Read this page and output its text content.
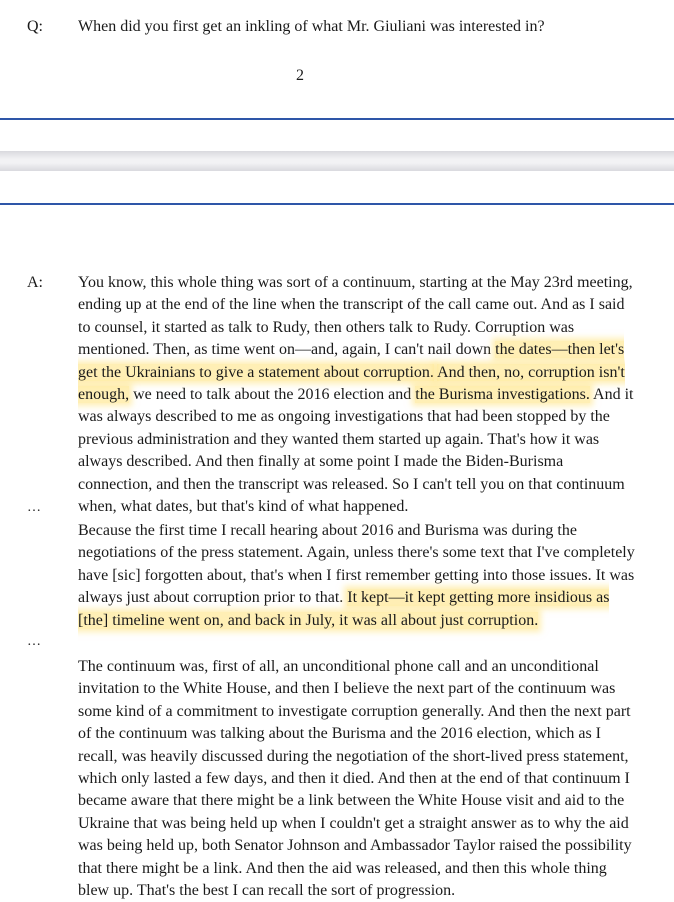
Q: When did you first get an inkling of what Mr. Giuliani was interested in?
2
A: You know, this whole thing was sort of a continuum, starting at the May 23rd meeting, ending up at the end of the line when the transcript of the call came out. And as I said to counsel, it started as talk to Rudy, then others talk to Rudy. Corruption was mentioned. Then, as time went on—and, again, I can't nail down the dates—then let's get the Ukrainians to give a statement about corruption. And then, no, corruption isn't enough, we need to talk about the 2016 election and the Burisma investigations. And it was always described to me as ongoing investigations that had been stopped by the previous administration and they wanted them started up again. That's how it was always described. And then finally at some point I made the Biden-Burisma connection, and then the transcript was released. So I can't tell you on that continuum when, what dates, but that's kind of what happened.

…

Because the first time I recall hearing about 2016 and Burisma was during the negotiations of the press statement. Again, unless there's some text that I've completely have [sic] forgotten about, that's when I first remember getting into those issues. It was always just about corruption prior to that. It kept—it kept getting more insidious as [the] timeline went on, and back in July, it was all about just corruption.

…

The continuum was, first of all, an unconditional phone call and an unconditional invitation to the White House, and then I believe the next part of the continuum was some kind of a commitment to investigate corruption generally. And then the next part of the continuum was talking about the Burisma and the 2016 election, which as I recall, was heavily discussed during the negotiation of the short-lived press statement, which only lasted a few days, and then it died. And then at the end of that continuum I became aware that there might be a link between the White House visit and aid to the Ukraine that was being held up when I couldn't get a straight answer as to why the aid was being held up, both Senator Johnson and Ambassador Taylor raised the possibility that there might be a link. And then the aid was released, and then this whole thing blew up. That's the best I can recall the sort of progression.
